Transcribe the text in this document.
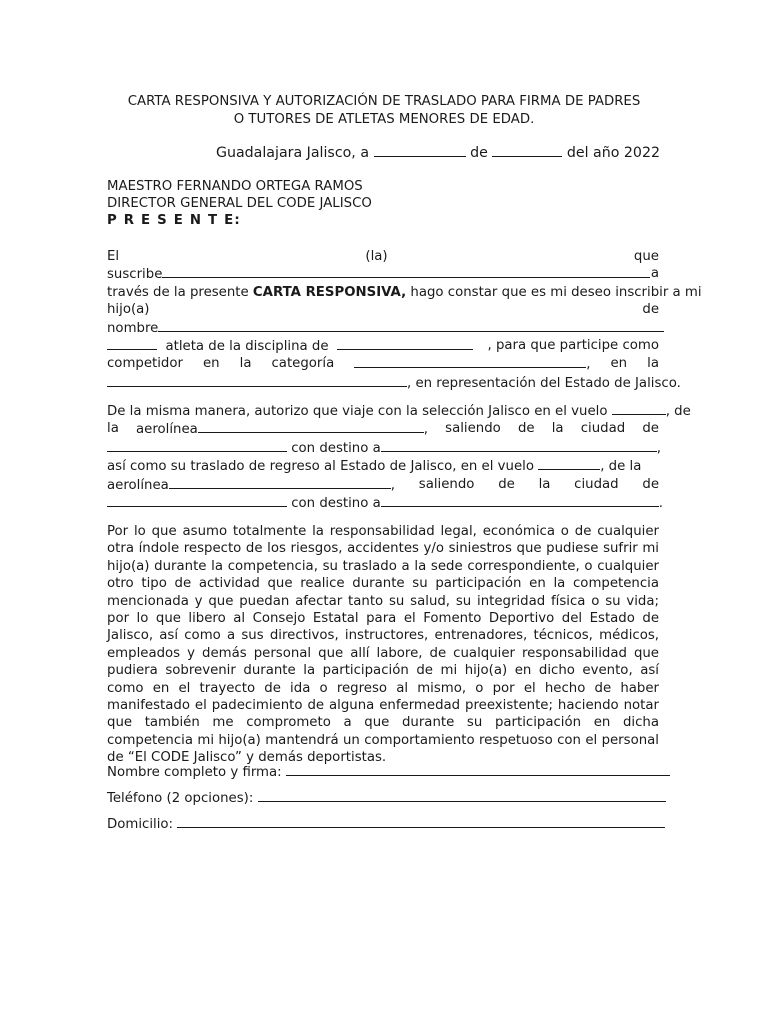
CARTA RESPONSIVA Y AUTORIZACIÓN DE TRASLADO PARA FIRMA DE PADRES
O TUTORES DE ATLETAS MENORES DE EDAD.
Guadalajara Jalisco, a	de	del año 2022
MAESTRO FERNANDO ORTEGA RAMOS
DIRECTOR GENERAL DEL CODE JALISCO
P R E S E N T E:
El	(la)	que
suscribe	a
través de la presente CARTA RESPONSIVA, hago constar que es mi deseo inscribir a mi
hijo(a)	de
nombre
atleta de la disciplina de	, para que participe como
competidor en la categoría	, en la
, en representación del Estado de Jalisco.
De la misma manera, autorizo que viaje con la selección Jalisco en el vuelo	, de
la aerolínea	, saliendo de la ciudad de
con destino a	,
así como su traslado de regreso al Estado de Jalisco, en el vuelo	, de la
aerolínea	, saliendo de la ciudad de
con destino a	.

Por lo que asumo totalmente la responsabilidad legal, económica o de cualquier otra índole respecto de los riesgos, accidentes y/o siniestros que pudiese sufrir mi hijo(a) durante la competencia, su traslado a la sede correspondiente, o cualquier otro tipo de actividad que realice durante su participación en la competencia mencionada y que puedan afectar tanto su salud, su integridad física o su vida; por lo que libero al Consejo Estatal para el Fomento Deportivo del Estado de Jalisco, así como a sus directivos, instructores, entrenadores, técnicos, médicos, empleados y demás personal que allí labore, de cualquier responsabilidad que pudiera sobrevenir durante la participación de mi hijo(a) en dicho evento, así como en el trayecto de ida o regreso al mismo, o por el hecho de haber manifestado el padecimiento de alguna enfermedad preexistente; haciendo notar que también me comprometo a que durante su participación en dicha competencia mi hijo(a) mantendrá un comportamiento respetuoso con el personal de “El CODE Jalisco” y demás deportistas.

Nombre completo y firma:
Teléfono (2 opciones):
Domicilio:
